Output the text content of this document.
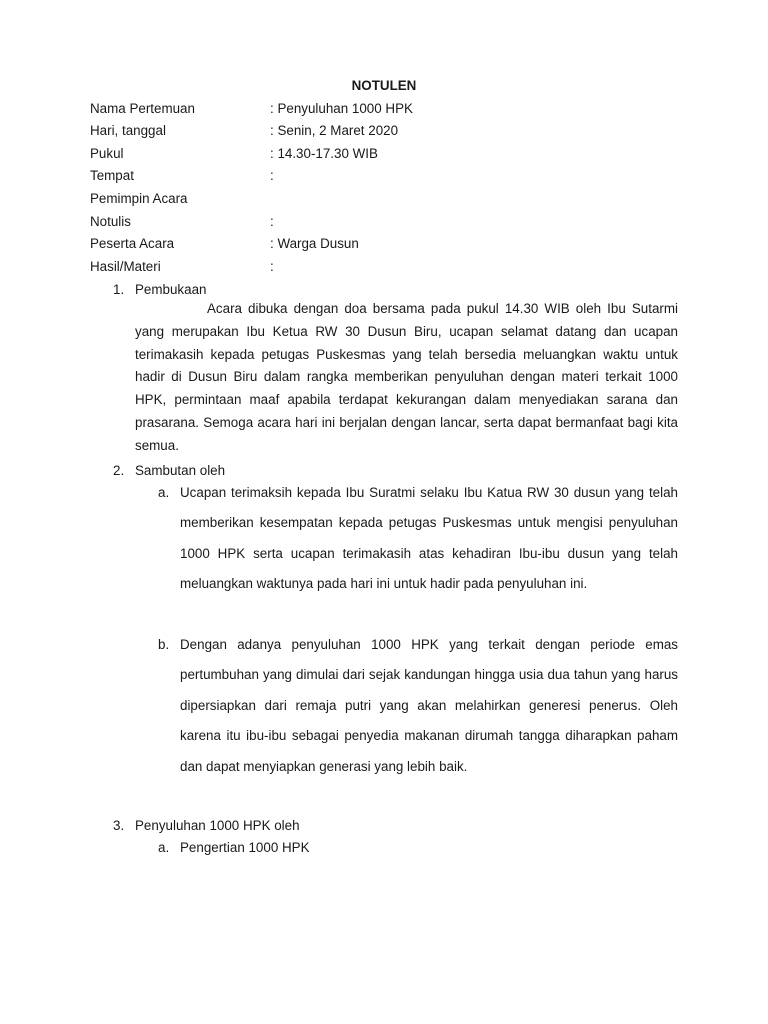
NOTULEN
Nama Pertemuan	: Penyuluhan 1000 HPK
Hari, tanggal	: Senin, 2 Maret 2020
Pukul	: 14.30-17.30 WIB
Tempat	:
Pemimpin Acara
Notulis	:
Peserta Acara	: Warga Dusun
Hasil/Materi	:
1. Pembukaan
Acara dibuka dengan doa bersama pada pukul 14.30 WIB oleh Ibu Sutarmi yang merupakan Ibu Ketua RW 30 Dusun Biru, ucapan selamat datang dan ucapan terimakasih kepada petugas Puskesmas yang telah bersedia meluangkan waktu untuk hadir di Dusun Biru dalam rangka memberikan penyuluhan dengan materi terkait 1000 HPK, permintaan maaf apabila terdapat kekurangan dalam menyediakan sarana dan prasarana. Semoga acara hari ini berjalan dengan lancar, serta dapat bermanfaat bagi kita semua.
2. Sambutan oleh
a. Ucapan terimaksih kepada Ibu Suratmi selaku Ibu Katua RW 30 dusun yang telah memberikan kesempatan kepada petugas Puskesmas untuk mengisi penyuluhan 1000 HPK serta ucapan terimakasih atas kehadiran Ibu-ibu dusun yang telah meluangkan waktunya pada hari ini untuk hadir pada penyuluhan ini.
b. Dengan adanya penyuluhan 1000 HPK yang terkait dengan periode emas pertumbuhan yang dimulai dari sejak kandungan hingga usia dua tahun yang harus dipersiapkan dari remaja putri yang akan melahirkan generesi penerus. Oleh karena itu ibu-ibu sebagai penyedia makanan dirumah tangga diharapkan paham dan dapat menyiapkan generasi yang lebih baik.
3. Penyuluhan 1000 HPK oleh
a. Pengertian 1000 HPK
